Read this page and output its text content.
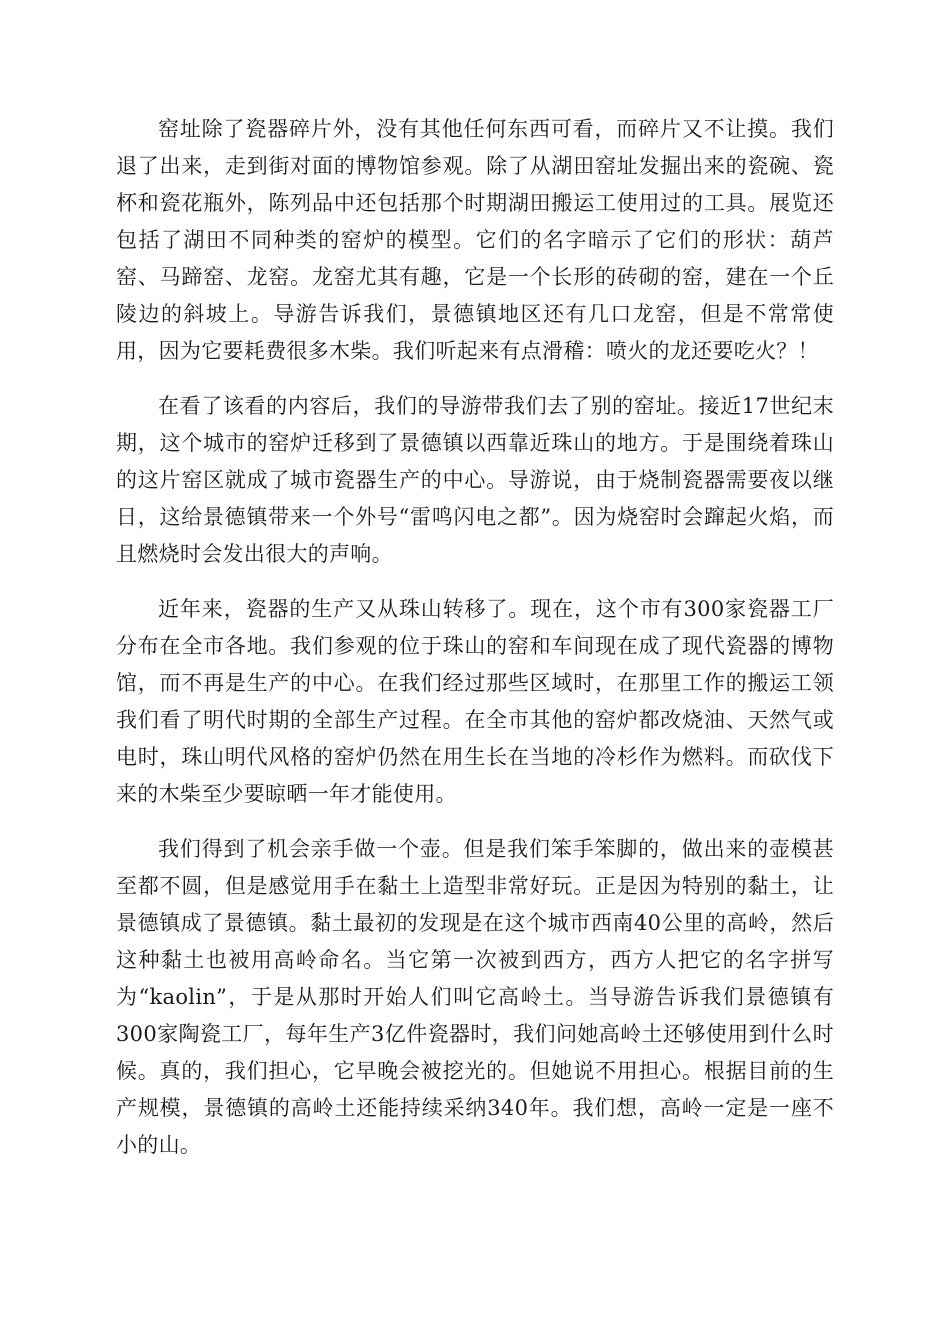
窑址除了瓷器碎片外，没有其他任何东西可看，而碎片又不让摸。我们退了出来，走到街对面的博物馆参观。除了从湖田窑址发掘出来的瓷碗、瓷杯和瓷花瓶外，陈列品中还包括那个时期湖田搬运工使用过的工具。展览还包括了湖田不同种类的窑炉的模型。它们的名字暗示了它们的形状：葫芦窑、马蹄窑、龙窑。龙窑尤其有趣，它是一个长形的砖砌的窑，建在一个丘陵边的斜坡上。导游告诉我们，景德镇地区还有几口龙窑，但是不常常使用，因为它要耗费很多木柴。我们听起来有点滑稽：喷火的龙还要吃火？！

在看了该看的内容后，我们的导游带我们去了别的窑址。接近17世纪末期，这个城市的窑炉迁移到了景德镇以西靠近珠山的地方。于是围绕着珠山的这片窑区就成了城市瓷器生产的中心。导游说，由于烧制瓷器需要夜以继日，这给景德镇带来一个外号“雷鸣闪电之都”。因为烧窑时会蹿起火焰，而且燃烧时会发出很大的声响。

近年来，瓷器的生产又从珠山转移了。现在，这个市有300家瓷器工厂分布在全市各地。我们参观的位于珠山的窑和车间现在成了现代瓷器的博物馆，而不再是生产的中心。在我们经过那些区域时，在那里工作的搬运工领我们看了明代时期的全部生产过程。在全市其他的窑炉都改烧油、天然气或电时，珠山明代风格的窑炉仍然在用生长在当地的冷杉作为燃料。而砍伐下来的木柴至少要晾晒一年才能使用。

我们得到了机会亲手做一个壶。但是我们笨手笨脚的，做出来的壶模甚至都不圆，但是感觉用手在黏土上造型非常好玩。正是因为特别的黏土，让景德镇成了景德镇。黏土最初的发现是在这个城市西南40公里的高岭，然后这种黏土也被用高岭命名。当它第一次被到西方，西方人把它的名字拼写为“kaolin”，于是从那时开始人们叫它高岭土。当导游告诉我们景德镇有300家陶瓷工厂，每年生产3亿件瓷器时，我们问她高岭土还够使用到什么时候。真的，我们担心，它早晚会被挖光的。但她说不用担心。根据目前的生产规模，景德镇的高岭土还能持续采纳340年。我们想，高岭一定是一座不小的山。
